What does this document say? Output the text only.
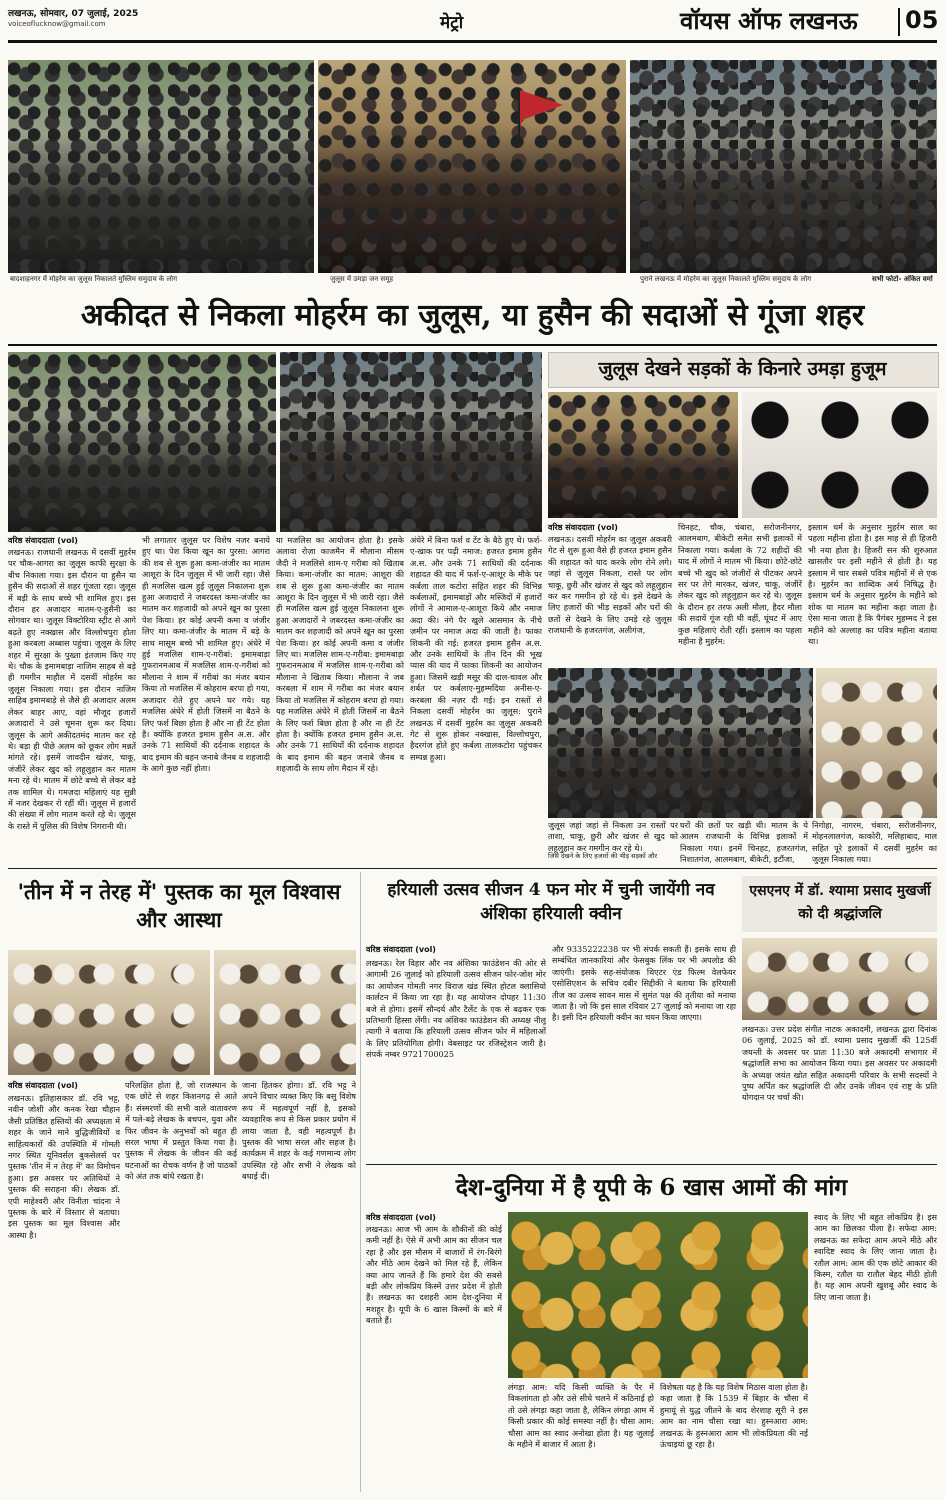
लखनऊ, सोमवार, 07 जुलाई, 2025
voiceoflucknow@gmail.com	मेट्रो	वॉयस ऑफ लखनऊ 05
बादशाहनगर में मोहर्रम का जुलूस निकालते मुस्लिम समुदाय के लोग	जुलूस में उमड़ा जन समूह	पुराने लखनऊ में मोहर्रम का जुलूस निकालते मुस्लिम समुदाय के लोग	सभी फोटो- अंकित वर्मा
अकीदत से निकला मोहर्रम का जुलूस, या हुसैन की सदाओं से गूंजा शहर
वरिष्ठ संवाददाता (vol)
लखनऊ। राजधानी लखनऊ में दसवीं मुहर्रम पर चौक-आगरा का जुलूस काफी सुरक्षा के बीच निकाला गया। इस दौरान या हुसैन या हुसैन की सदाओं से शहर गूंजता रहा। जुलूस में बड़ी के साथ बच्चे भी शामिल हुए। इस दौरान हर अजादार मातम-ए-हुसैनी का सोगवार था। जुलूस विक्टोरिया स्ट्रीट से आगे बढ़ते हुए नक्खास और विल्लोचपुरा होता हुआ करबला अब्बास पहुंचा। जुलूस के लिए शहर में सुरक्षा के पुख्ता इंतजाम किए गए थे। चौक के इमामबाड़ा नाजिम साहब से बड़े ही गमगीन माहौल में दसवीं मोहर्रम का जुलूस निकाला गया। इस दौरान नाजिम साहिब इमामबाड़े से जैसे ही अजादार अलम लेकर बाहर आए, वहां मौजूद हजारों अजादारों ने उसे चूमना शुरू कर दिया। जुलूस के आगे अकीदतमंद मातम कर रहे थे। बड़ा ही पीछे अलम को छूकर लोग मन्नतें मांगते रहे। इसमें जावदीन खंजर, चाकू, जंजीरें लेकर खुद को लहूलुहान कर मातम मना रहे थे। मातम में छोटे बच्चे से लेकर बड़े तक शामिल थे। गमज़दा महिलाएं यह सुन्नी में नजर देखकर रो रहीं थीं। जुलूस में हजारों की संख्या में लोग मातम करते रहे थे। जुलूस के रास्ते में पुलिस की विशेष निगरानी थी।
भी लगातार जुलूस पर विशेष नजर बनाये हुए था। पेश किया खून का पुरसा: आगरा की शब से शुरू हुआ कमा-जंजीर का मातम आशूरा के दिन जुलूस में भी जारी रहा। जैसे ही मजलिस खत्म हुई जुलूस निकालना शुरू हुआ अजादारों ने जबरदस्त कमा-जंजीर का मातम कर शहजादी को अपने खून का पुरसा पेश किया। हर कोई अपनी कमा व जंजीर लिए था। कमा-जंजीर के मातम में बड़े के साथ मासूम बच्चे भी शामिल हुए। अंधेरे में हुई मजलिस शाम-ए-गरीबां: इमामबाड़ा गुफरानमआब में मजलिस शाम-ए-गरीबां को मौलाना ने शाम में गरीबां का मंजर बयान किया तो मजलिस में कोहराम बरपा हो गया, अजादार रोते हुए अपने घर गये। यह मजलिस अंधेरे में होती जिसमें ना बैठने के लिए फर्श बिछा होता है और ना ही टेंट होता है। क्योंकि हजरत इमाम हुसैन अ.स. और उनके 71 साथियों की दर्दनाक शहादत के बाद इमाम की बहन जनाबे जैनब व शहजादी के आगे कुछ नहीं होता।
या मजलिस का आयोजन होता है। इसके अलावा रोज़ा काजमैन में मौलाना मीसम जैदी ने मजलिसे शाम-ए गरीबा को खिताब किया। कमा-जंजीर का मातम: आशूरा की शब से शुरू हुआ कमा-जंजीर का मातम आशूरा के दिन जुलूस में भी जारी रहा। जैसे ही मजलिस खत्म हुई जुलूस निकालना शुरू हुआ अजादारों ने जबरदस्त कमा-जंजीर का मातम कर शहजादी को अपने खून का पुरसा पेश किया। हर कोई अपनी कमा व जंजीर लिए था। मजलिस शाम-ए-गरीबा: इमामबाड़ा गुफरानमआब में मजलिस शाम-ए-गरीबा को मौलाना ने खिताब किया। मौलाना ने जब करबला में शाम में गरीबा का मंजर बयान किया तो मजलिस में कोहराम बरपा हो गया। यह मजलिस अंधेरे में होती जिसमें ना बैठने के लिए फर्श बिछा होता है और ना ही टेंट होता है। क्योंकि हजरत इमाम हुसैन अ.स. और उनके 71 साथियों की दर्दनाक शहादत के बाद इमाम की बहन जनाबे जैनब व शहजादी के साथ लोग मैदान में रहे।
अंधेरे में बिना फर्श व टेंट के बैठे हुए थे। फर्श-ए-खाक पर पढ़ी नमाज: हजरत इमाम हुसैन अ.स. और उनके 71 साथियों की दर्दनाक शहादत की याद में फर्श-ए-आशूर के मौके पर कर्बला ताल कटोरा सहित शहर की विभिन्न कर्बलाओं, इमामबाड़ों और मस्जिदों में हजारों लोगों ने आमाल-ए-आशूरा किये और नमाज अदा की। नंगे पैर खुले आसमान के नीचे ज़मीन पर नमाज अदा की जाती है। फाका शिकनी की गई: हजरत इमाम हुसैन अ.स. और उनके साथियों के तीन दिन की भूख प्यास की याद में फाका शिकनी का आयोजन हुआ। जिसमें खड़ी मसूर की दाल-चावल और शर्बत पर कर्बलाए-मुहम्मदिया अनीस-ए-करबला की नज़र दी गई। इन रास्तों से निकला दसवीं मोहर्रम का जुलूस: पुराने लखनऊ में दसवीं मुहर्रम का जुलूस अकबरी गेट से शुरू होकर नक्खास, विल्लोचपुरा, हैदरगंज होते हुए कर्बला तालकटोरा पहुंचकर सम्पन्न हुआ।
जुलूस देखने सड़कों के किनारे उमड़ा हुजूम
वरिष्ठ संवाददाता (vol)
लखनऊ। दसवीं मोहर्रम का जुलूस अकबरी गेट से शुरू हुआ वैसे ही हजरत इमाम हुसैन की शहादत को याद करके लोग रोने लगे। जहां से जुलूस निकला, रास्ते पर लोग चाकू, छुरी और खंजर से खुद को लहूलुहान कर कर गमगीन हो रहे थे। इसे देखने के लिए हजारों की भीड़ सड़कों और घरों की छतों से देखने के लिए उमड़े रहे जुलूस राजधानी के हजरतगंज, अलीगंज,
चिनहट, चौक, चंबारा, सरोजनीनगर, आलमबाग, बीकेटी समेत सभी इलाकों में निकाला गया। कर्बला के 72 शहीदों की याद में लोगों ने मातम भी किया। छोटे-छोटे बच्चे भी खुद को जंजीरों से पीटकर अपने सर पर तेगे मारकर, खंजर, चाकू, जंजीरें लेकर खुद को लहूलुहान कर रहे थे। जुलूस के दौरान हर तरफ अली मौला, हैदर मौला की सदायें गूंज रही थी वहीं, घूंघट में आए कुछ महिलाएं रोती रहीं। इस्लाम का पहला महीना है मुहर्रम:
इस्लाम धर्म के अनुसार मुहर्रम साल का पहला महीना होता है। इस माह से ही हिजरी भी नया होता है। हिजरी सन की शुरुआत खासतौर पर इसी महीने से होती है। यह इस्लाम में चार सबसे पवित्र महीनों में से एक है। मुहर्रम का शाब्दिक अर्थ निषिद्ध है। इस्लाम धर्म के अनुसार मुहर्रम के महीने को शोक या मातम का महीना कहा जाता है। ऐसा माना जाता है कि पैगंबर मुहम्मद ने इस महीने को अल्लाह का पवित्र महीना बताया था।
जुलूस जहां जहां से निकला उन रास्तों पर ताशा, चाकू, छुरी और खंजर से खुद को लहूलुहान कर गमगीन कर रहे थे।
घरों की छतों पर खड़ी थी। मातम के ये आलम राजधानी के विभिन्न इलाकों में निकाला गया। इनमें चिनहट, हजरतगंज, निशातगंज, आलमबाग, बीकेटी, इटौंजा,
जिसे देखने के लिए हजारों की भीड़ सड़कों और
निगोहा, नागरम, चंबारा, सरोजनीनगर, मोहनलालगंज, काकोरी, मलिहाबाद, माल सहित पूरे इलाकों में दसवीं मुहर्रम का जुलूस निकाला गया।
'तीन में न तेरह में' पुस्तक का मूल विश्वास और आस्था
वरिष्ठ संवाददाता (vol)
लखनऊ। इतिहासकार डॉ. रवि भट्ट, नवीन जोशी और कनक रेखा चौहान जैसी प्रतिष्ठित हस्तियों की अध्यक्षता में शहर के जाने माने बुद्धिजीवियों व साहित्यकारों की उपस्थिति में गोमती नगर स्थित यूनिवर्सल बुकसेलर्स पर पुस्तक 'तीन में न तेरह में' का विमोचन हुआ। इस अवसर पर अतिथियों ने पुस्तक की सराहना की। लेखक डॉ. एपी माहेश्वरी और विनीता चांदना ने पुस्तक के बारे में विस्तार से बताया। इस पुस्तक का मूल विश्वास और आस्था है।
परिलक्षित होता है, जो राजस्थान के एक छोटे से शहर किशनगढ़ से आते हैं। संस्मरणों की सभी वाले वातावरण में पले-बढ़े लेखक के बचपन, युवा और फिर जीवन के अनुभवों को बहुत ही सरल भाषा में प्रस्तुत किया गया है। पुस्तक में लेखक के जीवन की कई घटनाओं का रोचक वर्णन है जो पाठकों को अंत तक बांधे रखता है।
जाना हितकर होगा। डॉ. रवि भट्ट ने अपने विचार व्यक्त किए कि बसु विशेष रूप में महत्वपूर्ण नहीं है, इसको व्यवहारिक रूप से किस प्रकार प्रयोग में लाया जाता है, वही महत्वपूर्ण है। पुस्तक की भाषा सरल और सहज है। कार्यक्रम में शहर के कई गणमान्य लोग उपस्थित रहे और सभी ने लेखक को बधाई दी।
हरियाली उत्सव सीजन 4 फन मोर में चुनी जायेंगी नव अंशिका हरियाली क्वीन
वरिष्ठ संवाददाता (vol)
लखनऊ। रेल विहार और नव अंशिका फाउंडेशन की ओर से आगामी 26 जुलाई को हरियाली उत्सव सीजन फोर-जोश मोर का आयोजन गोमती नगर विराज खंड स्थित होटल क्लासियो कार्लटन में किया जा रहा है। यह आयोजन दोपहर 11:30 बजे से होगा। इसमें सौन्दर्य और टैलेंट के एक से बढ़कर एक प्रतिभागी हिस्सा लेंगी। नव अंशिका फाउंडेशन की अध्यक्ष नीलू त्यागी ने बताया कि हरियाली उत्सव सीजन फोर में महिलाओं के लिए प्रतियोगिता होगी। वेबसाइट पर रजिस्ट्रेशन जारी है। संपर्क नम्बर 9721700025
और 9335222238 पर भी संपर्क सकती हैं। इसके साथ ही सम्बंधित जानकारियां और फेसबुक लिंक पर भी अपलोड की जाएंगी। इसके सह-संयोजक थिएटर एंड फिल्म वेलफेयर एसोसिएशन के सचिव दबीर सिद्दीकी ने बताया कि हरियाली तीज का उत्सव सावन मास में सुमंत पक्ष की तृतीया को मनाया जाता है। जो कि इस साल रविवार 27 जुलाई को मनाया जा रहा है। इसी दिन हरियाली क्वीन का चयन किया जाएगा।
एसएनए में डॉ. श्यामा प्रसाद मुखर्जी को दी श्रद्धांजलि
लखनऊ। उत्तर प्रदेश संगीत नाटक अकादमी, लखनऊ द्वारा दिनांक 06 जुलाई, 2025 को डॉ. श्यामा प्रसाद मुखर्जी की 125वीं जयन्ती के अवसर पर प्रातः 11:30 बजे अकादमी सभागार में श्रद्धांजलि सभा का आयोजन किया गया। इस अवसर पर अकादमी के अध्यक्ष जयंत खोत सहित अकादमी परिवार के सभी सदस्यों ने पुष्प अर्पित कर श्रद्धांजलि दी और उनके जीवन एवं राष्ट्र के प्रति योगदान पर चर्चा की।
देश-दुनिया में है यूपी के 6 खास आमों की मांग
वरिष्ठ संवाददाता (vol)
लखनऊ। आज भी आम के शौकीनों की कोई कमी नहीं है। ऐसे में अभी आम का सीजन चल रहा है और इस मौसम में बाजारों में रंग-बिरंगे और मीठे आम देखने को मिल रहे हैं, लेकिन क्या आप जानते हैं कि हमारे देश की सबसे बड़ी और लोकप्रिय किस्में उत्तर प्रदेश में होती हैं। लखनऊ का दशहरी आम देश-दुनिया में मशहूर है। यूपी के 6 खास किस्मों के बारे में बताते हैं।
लंगड़ा आम: यदि किसी व्यक्ति के पैर में विकलांगता हो और उसे सीधे चलने में कठिनाई हो तो उसे लंगड़ा कहा जाता है, लेकिन लंगड़ा आम में किसी प्रकार की कोई समस्या नहीं है। चौसा आम: चौसा आम का स्वाद अनोखा होता है। यह जुलाई के महीने में बाजार में आता है।
विशेषता यह है कि यह विशेष मिठास वाला होता है। कहा जाता है कि 1539 में बिहार के चौसा में हुमायूं से युद्ध जीतने के बाद शेरशाह सूरी ने इस आम का नाम चौसा रखा था। हुस्नआरा आम: लखनऊ के हुस्नआरा आम भी लोकप्रियता की नई ऊंचाइयां छू रहा है।
स्वाद के लिए भी बहुत लोकप्रिय है। इस आम का छिलका पीला है। सफेदा आम: लखनऊ का सफेदा आम अपने मीठे और स्वादिष्ट स्वाद के लिए जाना जाता है। रतौल आम: आम की एक छोटे आकार की किस्म, रतौल या रातौल बेहद मीठी होती है। यह आम अपनी खुशबू और स्वाद के लिए जाना जाता है।
